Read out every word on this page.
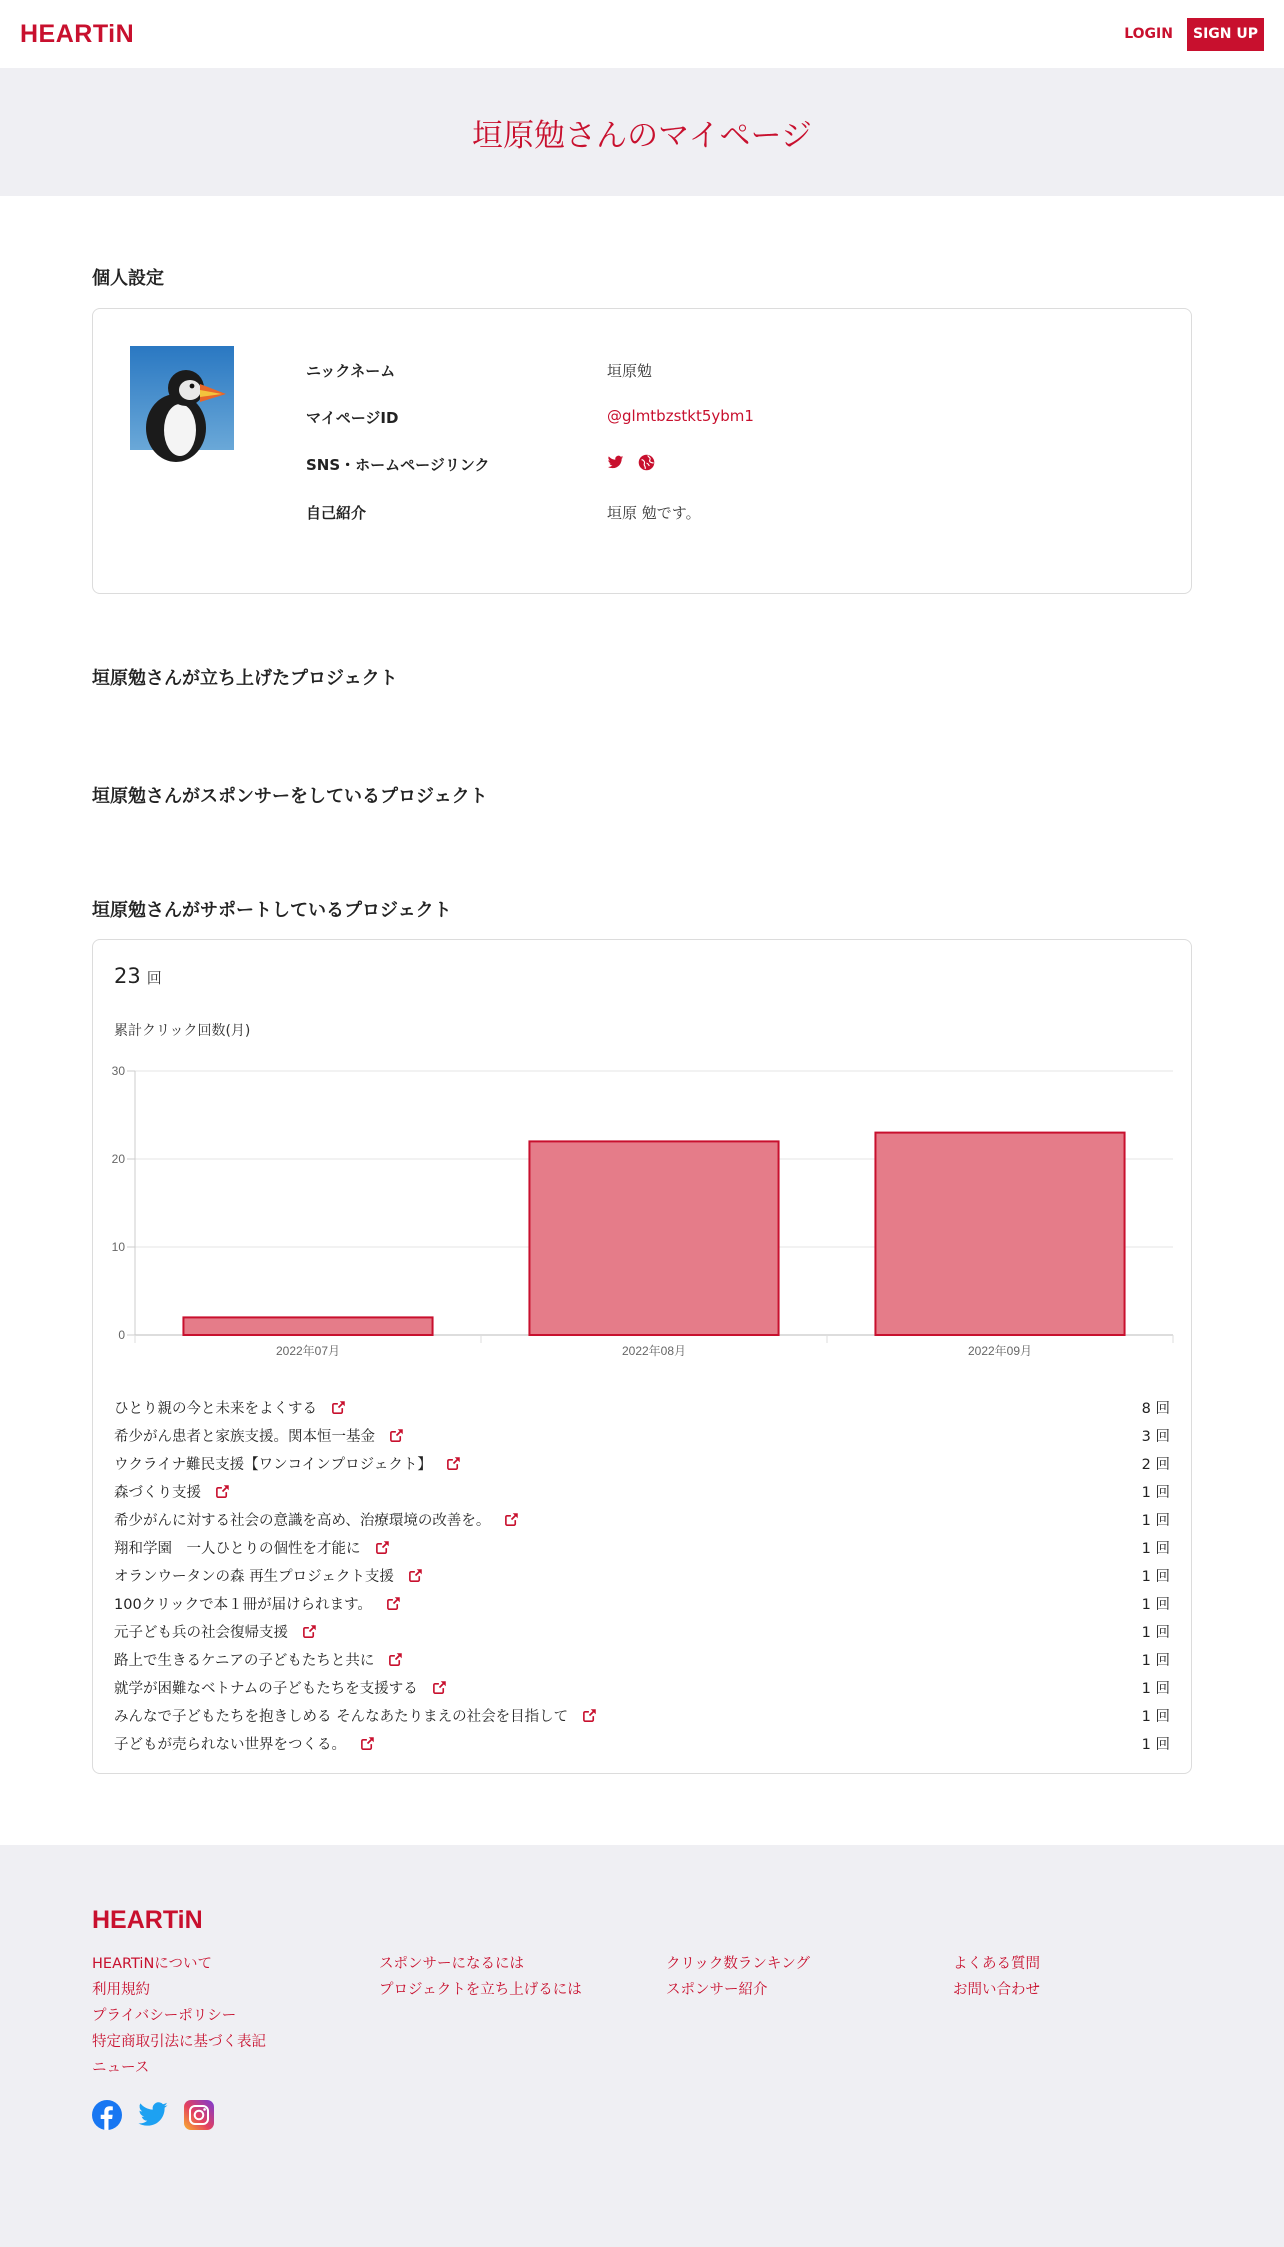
HEARTiN	LOGIN	SIGN UP
垣原勉さんのマイページ
個人設定
ニックネーム	垣原勉
マイページID	@glmtbzstkt5ybm1
SNS・ホームページリンク
自己紹介	垣原 勉です。
垣原勉さんが立ち上げたプロジェクト
垣原勉さんがスポンサーをしているプロジェクト
垣原勉さんがサポートしているプロジェクト
23 回
累計クリック回数(月)
0
10
20
30
2022年07月	2022年08月	2022年09月
ひとり親の今と未来をよくする	8 回
希少がん患者と家族支援。関本恒一基金	3 回
ウクライナ難民支援【ワンコインプロジェクト】	2 回
森づくり支援	1 回
希少がんに対する社会の意識を高め、治療環境の改善を。	1 回
翔和学園　一人ひとりの個性を才能に	1 回
オランウータンの森 再生プロジェクト支援	1 回
100クリックで本１冊が届けられます。	1 回
元子ども兵の社会復帰支援	1 回
路上で生きるケニアの子どもたちと共に	1 回
就学が困難なベトナムの子どもたちを支援する	1 回
みんなで子どもたちを抱きしめる そんなあたりまえの社会を目指して	1 回
子どもが売られない世界をつくる。	1 回
HEARTiN
HEARTiNについて
利用規約
プライバシーポリシー
特定商取引法に基づく表記
ニュース
スポンサーになるには
プロジェクトを立ち上げるには
クリック数ランキング
スポンサー紹介
よくある質問
お問い合わせ
